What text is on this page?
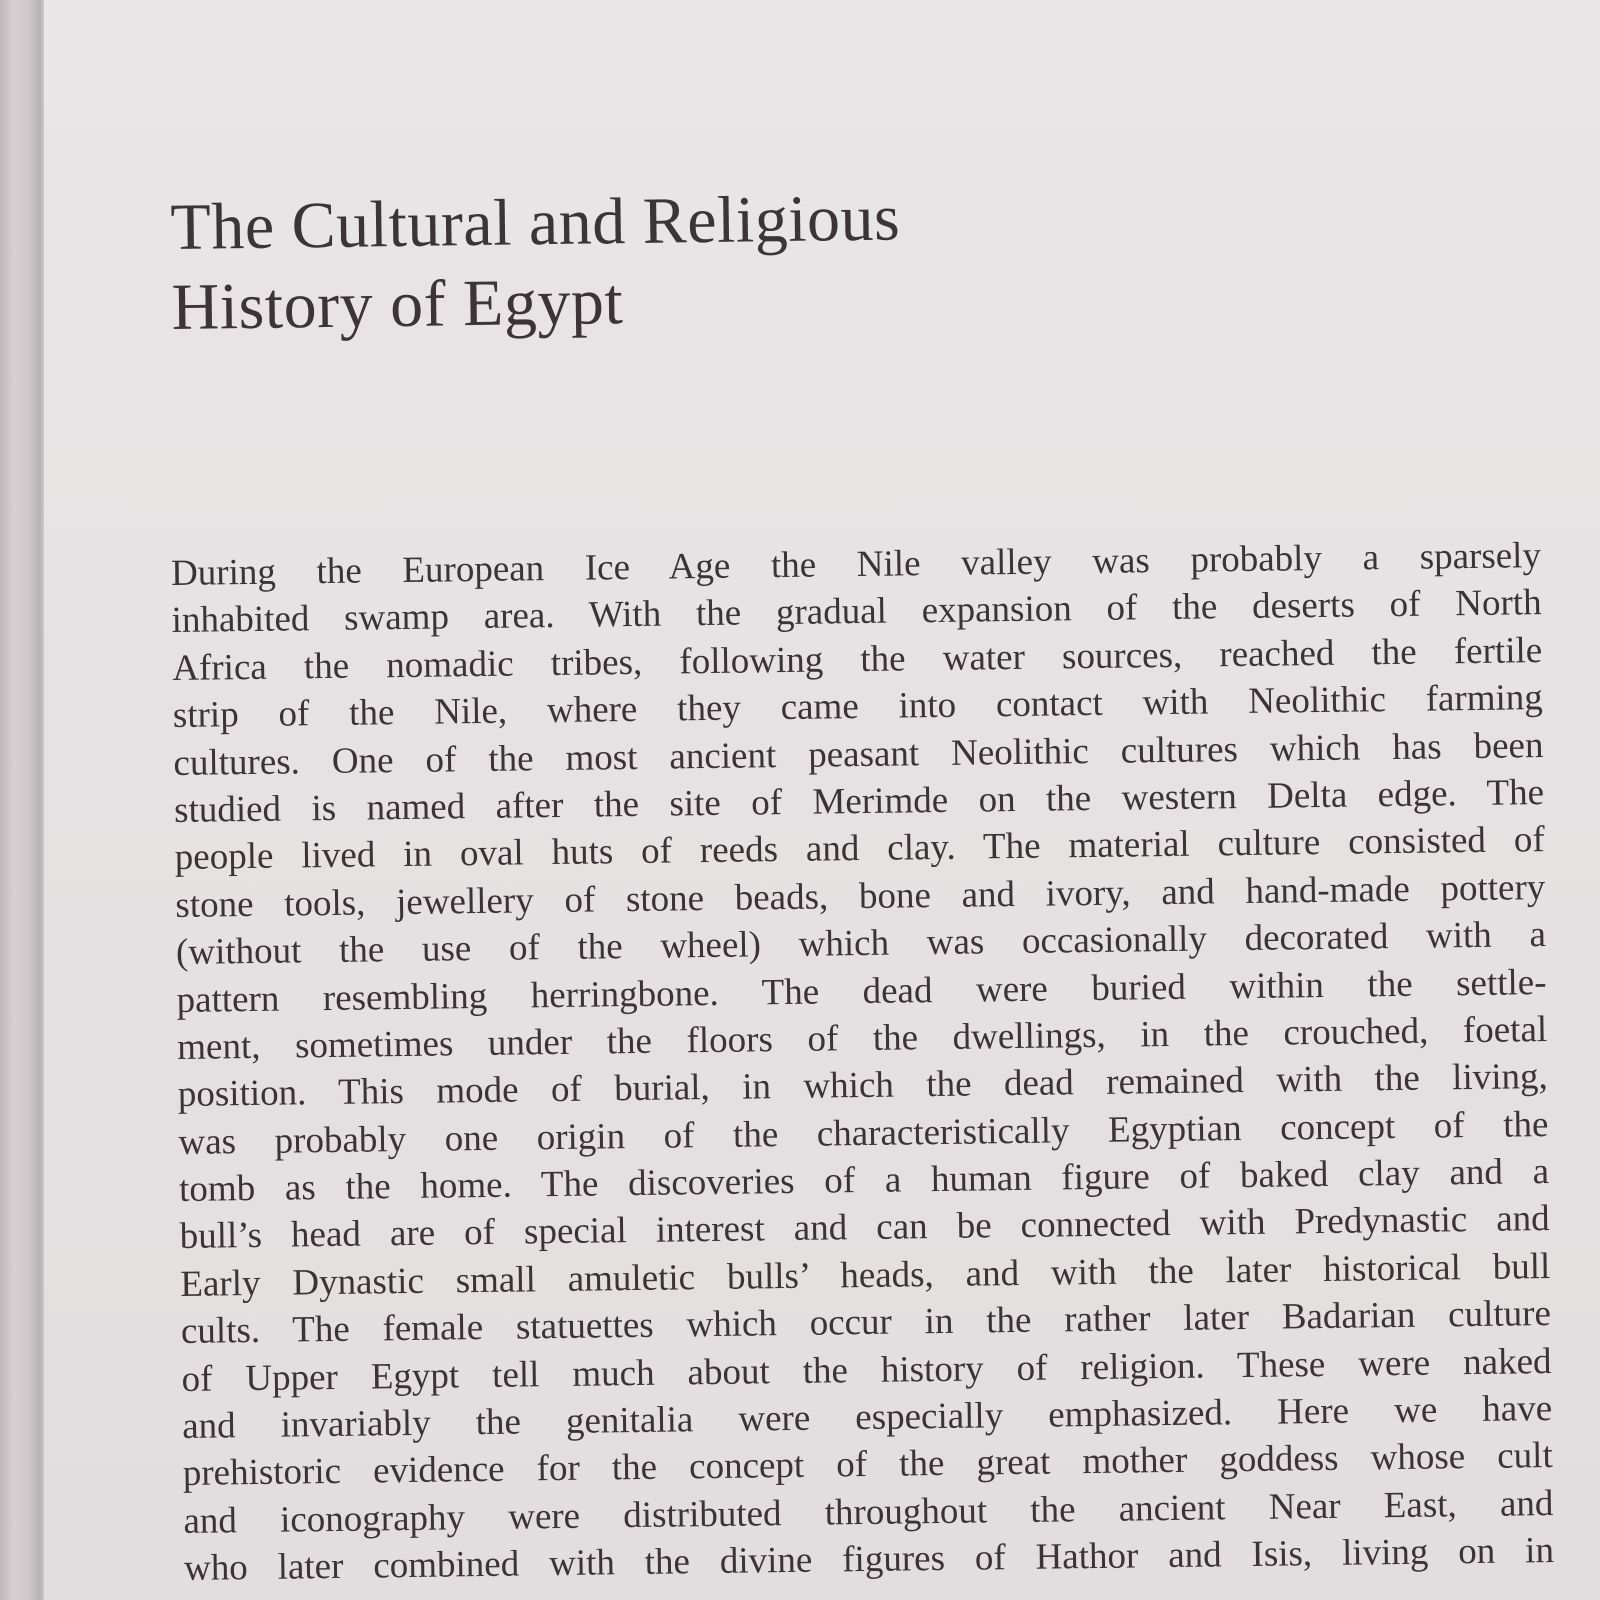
The Cultural and Religious
History of Egypt
During the European Ice Age the Nile valley was probably a sparsely
inhabited swamp area. With the gradual expansion of the deserts of North
Africa the nomadic tribes, following the water sources, reached the fertile
strip of the Nile, where they came into contact with Neolithic farming
cultures. One of the most ancient peasant Neolithic cultures which has been
studied is named after the site of Merimde on the western Delta edge. The
people lived in oval huts of reeds and clay. The material culture consisted of
stone tools, jewellery of stone beads, bone and ivory, and hand-made pottery
(without the use of the wheel) which was occasionally decorated with a
pattern resembling herringbone. The dead were buried within the settle-
ment, sometimes under the floors of the dwellings, in the crouched, foetal
position. This mode of burial, in which the dead remained with the living,
was probably one origin of the characteristically Egyptian concept of the
tomb as the home. The discoveries of a human figure of baked clay and a
bull’s head are of special interest and can be connected with Predynastic and
Early Dynastic small amuletic bulls’ heads, and with the later historical bull
cults. The female statuettes which occur in the rather later Badarian culture
of Upper Egypt tell much about the history of religion. These were naked
and invariably the genitalia were especially emphasized. Here we have
prehistoric evidence for the concept of the great mother goddess whose cult
and iconography were distributed throughout the ancient Near East, and
who later combined with the divine figures of Hathor and Isis, living on in
